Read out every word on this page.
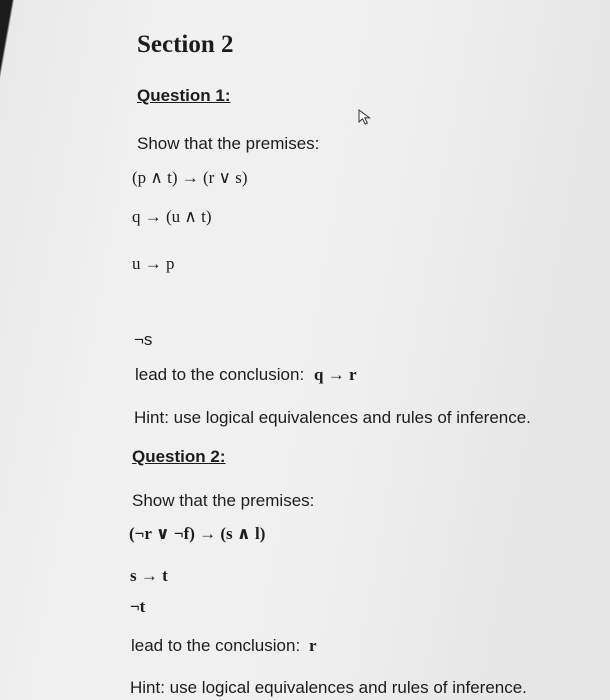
Section 2
Question 1:
Show that the premises:
(p ∧ t) → (r ∨ s)
q → (u ∧ t)
u → p
¬s
lead to the conclusion: q → r
Hint: use logical equivalences and rules of inference.
Question 2:
Show that the premises:
(¬r ∨ ¬f) → (s ∧ l)
s → t
¬t
lead to the conclusion: r
Hint: use logical equivalences and rules of inference.
